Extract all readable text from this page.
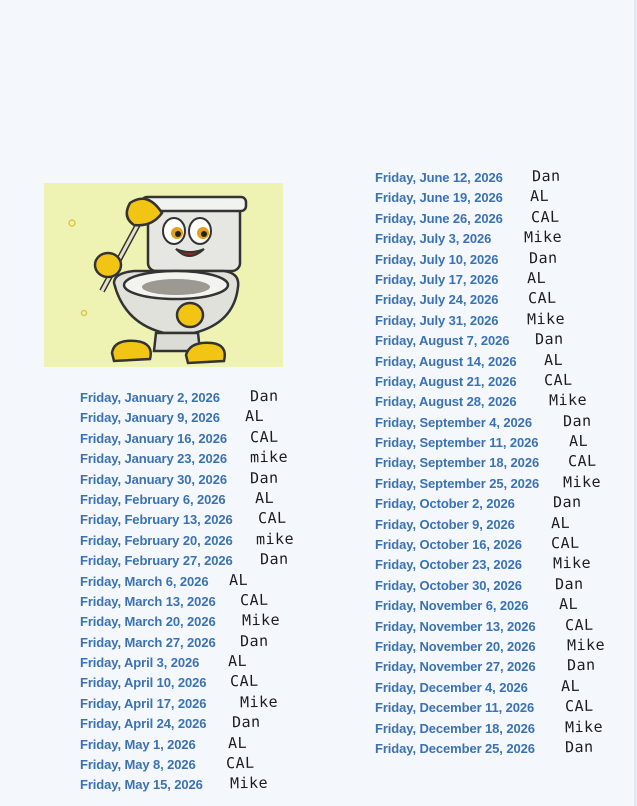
Friday, January 2, 2026 Dan
Friday, January 9, 2026 AL
Friday, January 16, 2026 CAL
Friday, January 23, 2026 mike
Friday, January 30, 2026 Dan
Friday, February 6, 2026 AL
Friday, February 13, 2026 CAL
Friday, February 20, 2026 mike
Friday, February 27, 2026 Dan
Friday, March 6, 2026 AL
Friday, March 13, 2026 CAL
Friday, March 20, 2026 Mike
Friday, March 27, 2026 Dan
Friday, April 3, 2026 AL
Friday, April 10, 2026 CAL
Friday, April 17, 2026 Mike
Friday, April 24, 2026 Dan
Friday, May 1, 2026 AL
Friday, May 8, 2026 CAL
Friday, May 15, 2026 Mike
Friday, June 12, 2026 Dan
Friday, June 19, 2026 AL
Friday, June 26, 2026 CAL
Friday, July 3, 2026 Mike
Friday, July 10, 2026 Dan
Friday, July 17, 2026 AL
Friday, July 24, 2026 CAL
Friday, July 31, 2026 Mike
Friday, August 7, 2026 Dan
Friday, August 14, 2026 AL
Friday, August 21, 2026 CAL
Friday, August 28, 2026 Mike
Friday, September 4, 2026 Dan
Friday, September 11, 2026 AL
Friday, September 18, 2026 CAL
Friday, September 25, 2026 Mike
Friday, October 2, 2026	Dan
Friday, October 9, 2026 AL
Friday, October 16, 2026 CAL
Friday, October 23, 2026 Mike
Friday, October 30, 2026 Dan
Friday, November 6, 2026 AL
Friday, November 13, 2026 CAL
Friday, November 20, 2026 Mike
Friday, November 27, 2026 Dan
Friday, December 4, 2026 AL
Friday, December 11, 2026 CAL
Friday, December 18, 2026 Mike
Friday, December 25, 2026 Dan
